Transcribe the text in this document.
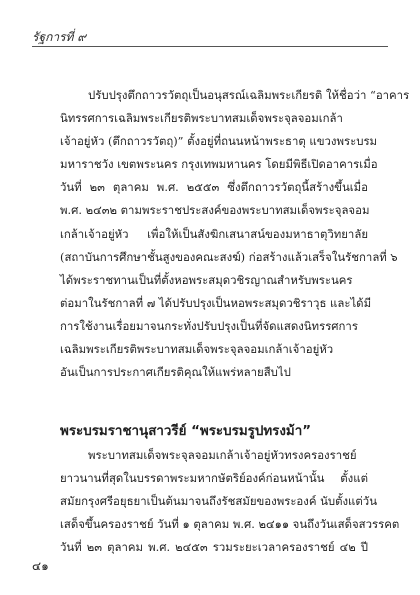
รัฐการที่ ๙
ปรับปรุงตึกถาวรวัตถุเป็นอนุสรณ์เฉลิมพระเกียรติ ให้ชื่อว่า “อาคาร
นิทรรศการเฉลิมพระเกียรติพระบาทสมเด็จพระจุลจอมเกล้า
เจ้าอยู่หัว (ตึกถาวรวัตถุ)” ตั้งอยู่ที่ถนนหน้าพระธาตุ แขวงพระบรม
มหาราชวัง เขตพระนคร กรุงเทพมหานคร โดยมีพิธีเปิดอาคารเมื่อ
วันที่ ๒๓ ตุลาคม พ.ศ. ๒๕๕๓ ซึ่งตึกถาวรวัตถุนี้สร้างขึ้นเมื่อ
พ.ศ. ๒๔๓๒ ตามพระราชประสงค์ของพระบาทสมเด็จพระจุลจอม
เกล้าเจ้าอยู่หัว เพื่อให้เป็นสังฆิกเสนาสน์ของมหาธาตุวิทยาลัย
(สถาบันการศึกษาชั้นสูงของคณะสงฆ์) ก่อสร้างแล้วเสร็จในรัชกาลที่ ๖
ได้พระราชทานเป็นที่ตั้งหอพระสมุดวชิรญาณสำหรับพระนคร
ต่อมาในรัชกาลที่ ๗ ได้ปรับปรุงเป็นหอพระสมุดวชิราวุธ และได้มี
การใช้งานเรื่อยมาจนกระทั่งปรับปรุงเป็นที่จัดแสดงนิทรรศการ
เฉลิมพระเกียรติพระบาทสมเด็จพระจุลจอมเกล้าเจ้าอยู่หัว
อันเป็นการประกาศเกียรติคุณให้แพร่หลายสืบไป
พระบรมราชานุสาวรีย์ “พระบรมรูปทรงม้า”
พระบาทสมเด็จพระจุลจอมเกล้าเจ้าอยู่หัวทรงครองราชย์
ยาวนานที่สุดในบรรดาพระมหากษัตริย์องค์ก่อนหน้านั้น ตั้งแต่
สมัยกรุงศรีอยุธยาเป็นต้นมาจนถึงรัชสมัยของพระองค์ นับตั้งแต่วัน
เสด็จขึ้นครองราชย์ วันที่ ๑ ตุลาคม พ.ศ. ๒๔๑๑ จนถึงวันเสด็จสวรรคต
วันที่ ๒๓ ตุลาคม พ.ศ. ๒๔๕๓ รวมระยะเวลาครองราชย์ ๔๒ ปี
๔๑
